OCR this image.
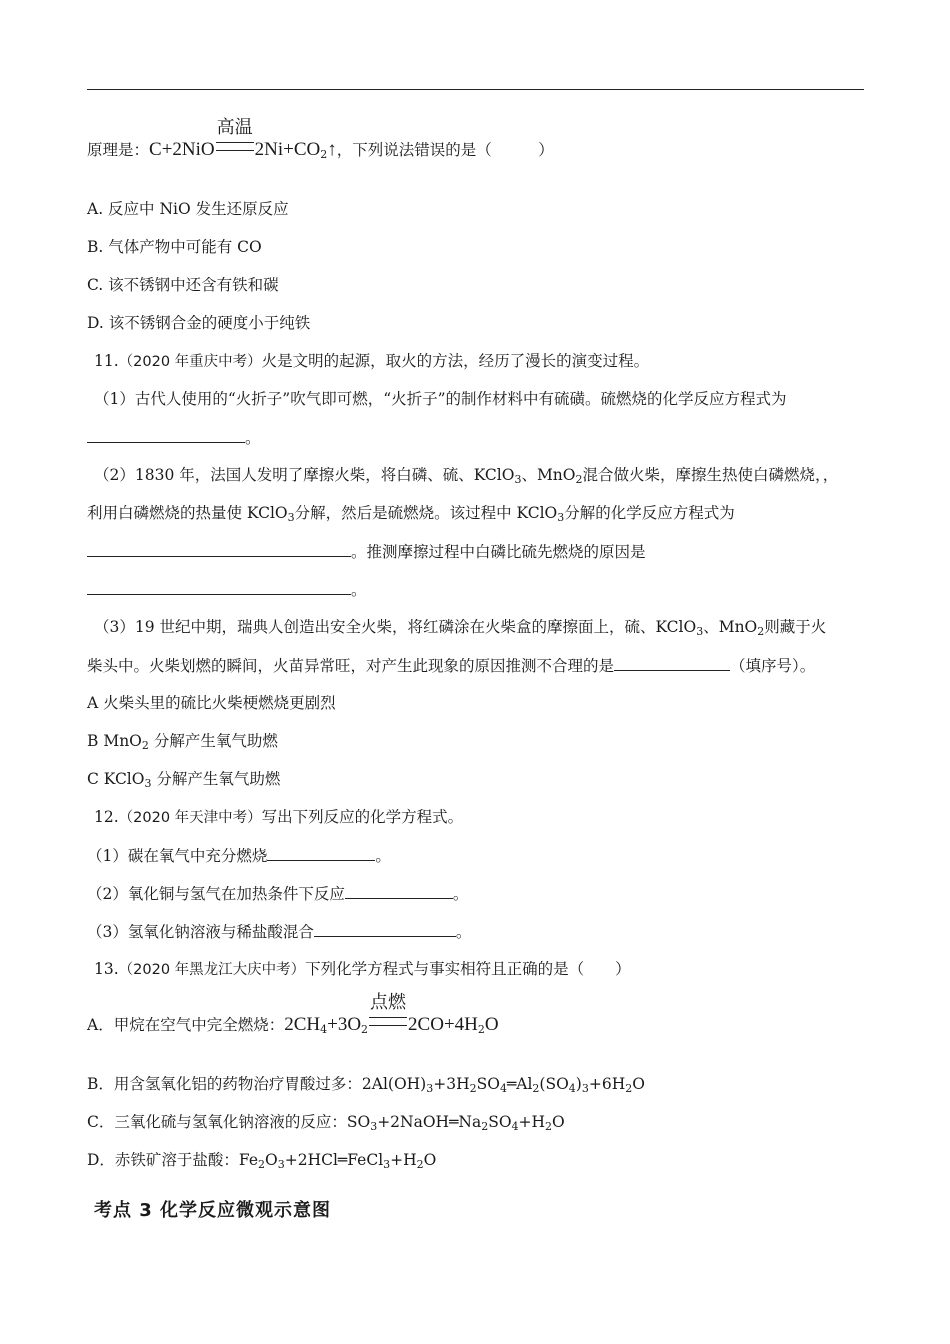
原理是：C+2NiO
高温
$2Ni+CO_2↑$，下列说法错误的是（　　　）
A. 反应中 NiO 发生还原反应
B. 气体产物中可能有 CO
C. 该不锈钢中还含有铁和碳
D. 该不锈钢合金的硬度小于纯铁
11.（2020 年重庆中考）火是文明的起源，取火的方法，经历了漫长的演变过程。
（1）古代人使用的“火折子”吹气即可燃，“火折子”的制作材料中有硫磺。硫燃烧的化学反应方程式为
。
（2）1830 年，法国人发明了摩擦火柴，将白磷、硫、KClO$_3$、MnO$_2$混合做火柴，摩擦生热使白磷燃烧，，
利用白磷燃烧的热量使 KClO$_3$分解，然后是硫燃烧。该过程中 KClO$_3$分解的化学反应方程式为
。推测摩擦过程中白磷比硫先燃烧的原因是
。
（3）19 世纪中期，瑞典人创造出安全火柴，将红磷涂在火柴盒的摩擦面上，硫、KClO$_3$、MnO$_2$则藏于火
柴头中。火柴划燃的瞬间，火苗异常旺，对产生此现象的原因推测不合理的是	（填序号）。
A 火柴头里的硫比火柴梗燃烧更剧烈
B MnO$_2$ 分解产生氧气助燃
C KClO$_3$ 分解产生氧气助燃
12.（2020 年天津中考）写出下列反应的化学方程式。
（1）碳在氧气中充分燃烧	。
（2）氧化铜与氢气在加热条件下反应	。
（3）氢氧化钠溶液与稀盐酸混合	。
13.（2020 年黑龙江大庆中考）下列化学方程式与事实相符且正确的是（　　）
A．甲烷在空气中完全燃烧：$2CH_4+3O_2$
点燃
$2CO+4H_2O$
B．用含氢氧化铝的药物治疗胃酸过多：$2Al(OH)_3+3H_2SO_4═Al_2(SO_4)_3+6H_2O$
C．三氧化硫与氢氧化钠溶液的反应：$SO_3+2NaOH═Na_2SO_4+H_2O$
D．赤铁矿溶于盐酸：$Fe_2O_3+2HCl═FeCl_3+H_2O$
考点 3 化学反应微观示意图
